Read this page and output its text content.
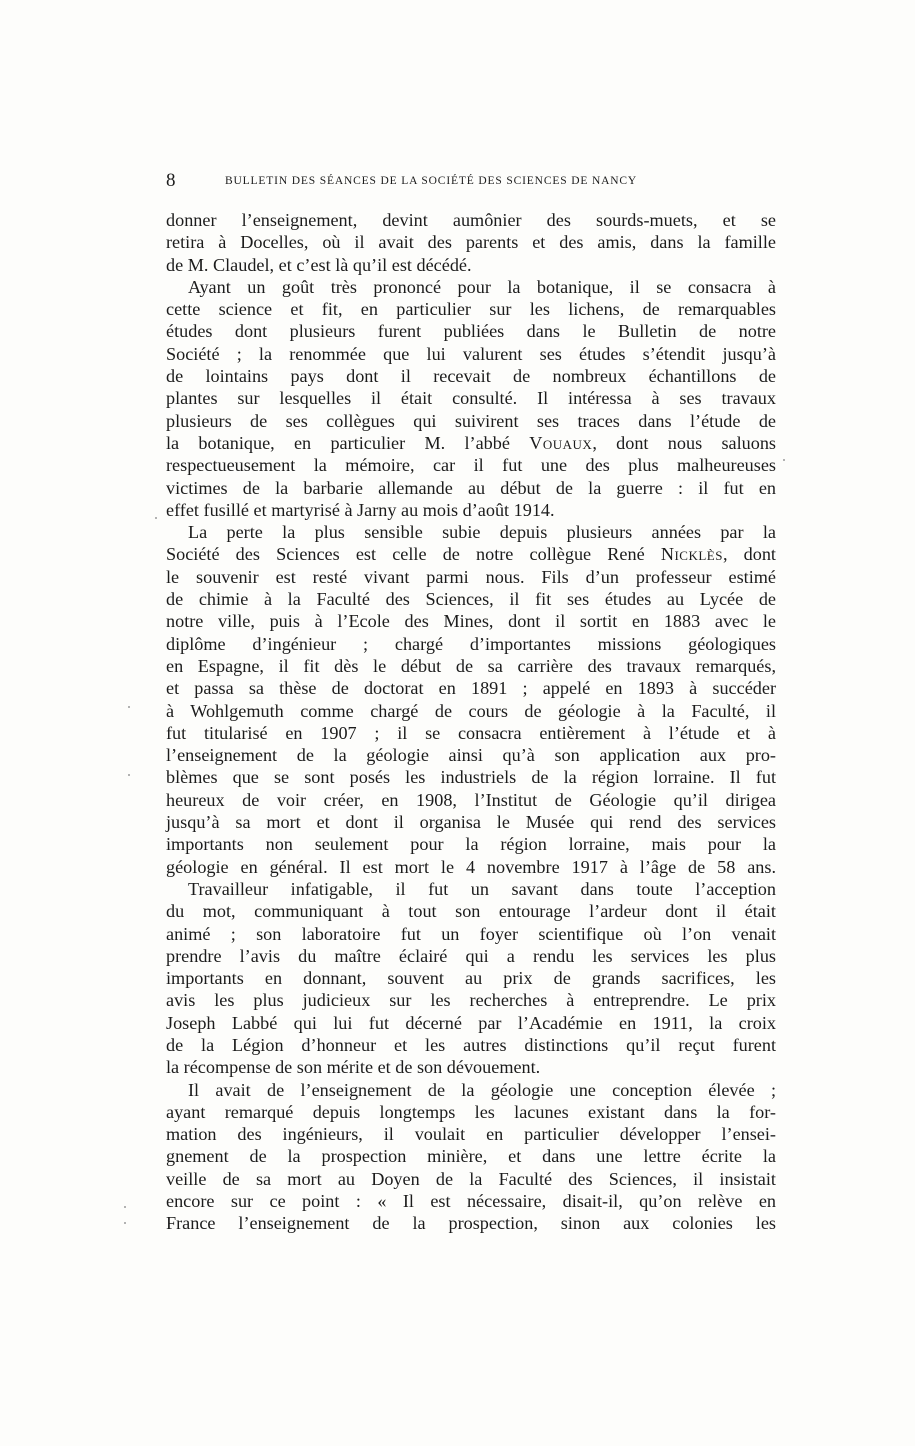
8	BULLETIN DES SÉANCES DE LA SOCIÉTÉ DES SCIENCES DE NANCY
donner l’enseignement, devint aumônier des sourds-muets, et se
retira à Docelles, où il avait des parents et des amis, dans la famille
de M. Claudel, et c’est là qu’il est décédé.
Ayant un goût très prononcé pour la botanique, il se consacra à
cette science et fit, en particulier sur les lichens, de remarquables
études dont plusieurs furent publiées dans le Bulletin de notre
Société ; la renommée que lui valurent ses études s’étendit jusqu’à
de lointains pays dont il recevait de nombreux échantillons de
plantes sur lesquelles il était consulté. Il intéressa à ses travaux
plusieurs de ses collègues qui suivirent ses traces dans l’étude de
la botanique, en particulier M. l’abbé Vouaux, dont nous saluons
respectueusement la mémoire, car il fut une des plus malheureuses
victimes de la barbarie allemande au début de la guerre : il fut en
effet fusillé et martyrisé à Jarny au mois d’août 1914.
La perte la plus sensible subie depuis plusieurs années par la
Société des Sciences est celle de notre collègue René Nicklès, dont
le souvenir est resté vivant parmi nous. Fils d’un professeur estimé
de chimie à la Faculté des Sciences, il fit ses études au Lycée de
notre ville, puis à l’Ecole des Mines, dont il sortit en 1883 avec le
diplôme d’ingénieur ; chargé d’importantes missions géologiques
en Espagne, il fit dès le début de sa carrière des travaux remarqués,
et passa sa thèse de doctorat en 1891 ; appelé en 1893 à succéder
à Wohlgemuth comme chargé de cours de géologie à la Faculté, il
fut titularisé en 1907 ; il se consacra entièrement à l’étude et à
l’enseignement de la géologie ainsi qu’à son application aux pro-
blèmes que se sont posés les industriels de la région lorraine. Il fut
heureux de voir créer, en 1908, l’Institut de Géologie qu’il dirigea
jusqu’à sa mort et dont il organisa le Musée qui rend des services
importants non seulement pour la région lorraine, mais pour la
géologie en général. Il est mort le 4 novembre 1917 à l’âge de 58 ans.
Travailleur infatigable, il fut un savant dans toute l’acception
du mot, communiquant à tout son entourage l’ardeur dont il était
animé ; son laboratoire fut un foyer scientifique où l’on venait
prendre l’avis du maître éclairé qui a rendu les services les plus
importants en donnant, souvent au prix de grands sacrifices, les
avis les plus judicieux sur les recherches à entreprendre. Le prix
Joseph Labbé qui lui fut décerné par l’Académie en 1911, la croix
de la Légion d’honneur et les autres distinctions qu’il reçut furent
la récompense de son mérite et de son dévouement.
Il avait de l’enseignement de la géologie une conception élevée ;
ayant remarqué depuis longtemps les lacunes existant dans la for-
mation des ingénieurs, il voulait en particulier développer l’ensei-
gnement de la prospection minière, et dans une lettre écrite la
veille de sa mort au Doyen de la Faculté des Sciences, il insistait
encore sur ce point : « Il est nécessaire, disait-il, qu’on relève en
France l’enseignement de la prospection, sinon aux colonies les
